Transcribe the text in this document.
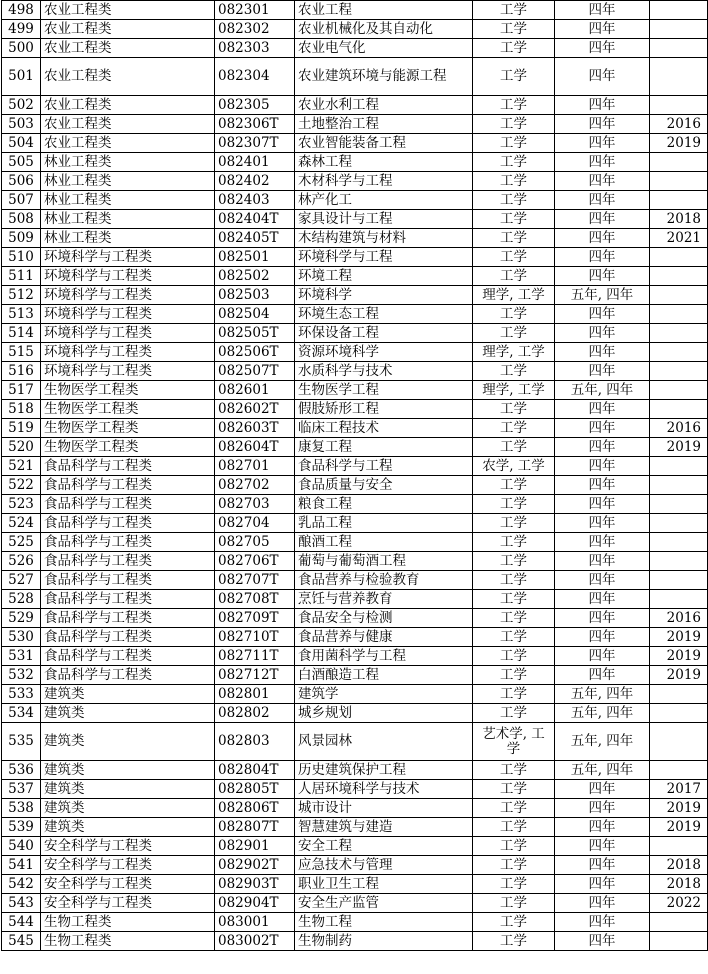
498	农业工程类	082301	农业工程	工学	四年	
499	农业工程类	082302	农业机械化及其自动化	工学	四年	
500	农业工程类	082303	农业电气化	工学	四年	
501	农业工程类	082304	农业建筑环境与能源工程	工学	四年	
502	农业工程类	082305	农业水利工程	工学	四年	
503	农业工程类	082306T	土地整治工程	工学	四年	2016
504	农业工程类	082307T	农业智能装备工程	工学	四年	2019
505	林业工程类	082401	森林工程	工学	四年	
506	林业工程类	082402	木材科学与工程	工学	四年	
507	林业工程类	082403	林产化工	工学	四年	
508	林业工程类	082404T	家具设计与工程	工学	四年	2018
509	林业工程类	082405T	木结构建筑与材料	工学	四年	2021
510	环境科学与工程类	082501	环境科学与工程	工学	四年	
511	环境科学与工程类	082502	环境工程	工学	四年	
512	环境科学与工程类	082503	环境科学	理学, 工学	五年, 四年	
513	环境科学与工程类	082504	环境生态工程	工学	四年	
514	环境科学与工程类	082505T	环保设备工程	工学	四年	
515	环境科学与工程类	082506T	资源环境科学	理学, 工学	四年	
516	环境科学与工程类	082507T	水质科学与技术	工学	四年	
517	生物医学工程类	082601	生物医学工程	理学, 工学	五年, 四年	
518	生物医学工程类	082602T	假肢矫形工程	工学	四年	
519	生物医学工程类	082603T	临床工程技术	工学	四年	2016
520	生物医学工程类	082604T	康复工程	工学	四年	2019
521	食品科学与工程类	082701	食品科学与工程	农学, 工学	四年	
522	食品科学与工程类	082702	食品质量与安全	工学	四年	
523	食品科学与工程类	082703	粮食工程	工学	四年	
524	食品科学与工程类	082704	乳品工程	工学	四年	
525	食品科学与工程类	082705	酿酒工程	工学	四年	
526	食品科学与工程类	082706T	葡萄与葡萄酒工程	工学	四年	
527	食品科学与工程类	082707T	食品营养与检验教育	工学	四年	
528	食品科学与工程类	082708T	烹饪与营养教育	工学	四年	
529	食品科学与工程类	082709T	食品安全与检测	工学	四年	2016
530	食品科学与工程类	082710T	食品营养与健康	工学	四年	2019
531	食品科学与工程类	082711T	食用菌科学与工程	工学	四年	2019
532	食品科学与工程类	082712T	白酒酿造工程	工学	四年	2019
533	建筑类	082801	建筑学	工学	五年, 四年	
534	建筑类	082802	城乡规划	工学	五年, 四年	
535	建筑类	082803	风景园林	艺术学, 工学	五年, 四年	
536	建筑类	082804T	历史建筑保护工程	工学	五年, 四年	
537	建筑类	082805T	人居环境科学与技术	工学	四年	2017
538	建筑类	082806T	城市设计	工学	四年	2019
539	建筑类	082807T	智慧建筑与建造	工学	四年	2019
540	安全科学与工程类	082901	安全工程	工学	四年	
541	安全科学与工程类	082902T	应急技术与管理	工学	四年	2018
542	安全科学与工程类	082903T	职业卫生工程	工学	四年	2018
543	安全科学与工程类	082904T	安全生产监管	工学	四年	2022
544	生物工程类	083001	生物工程	工学	四年	
545	生物工程类	083002T	生物制药	工学	四年	
